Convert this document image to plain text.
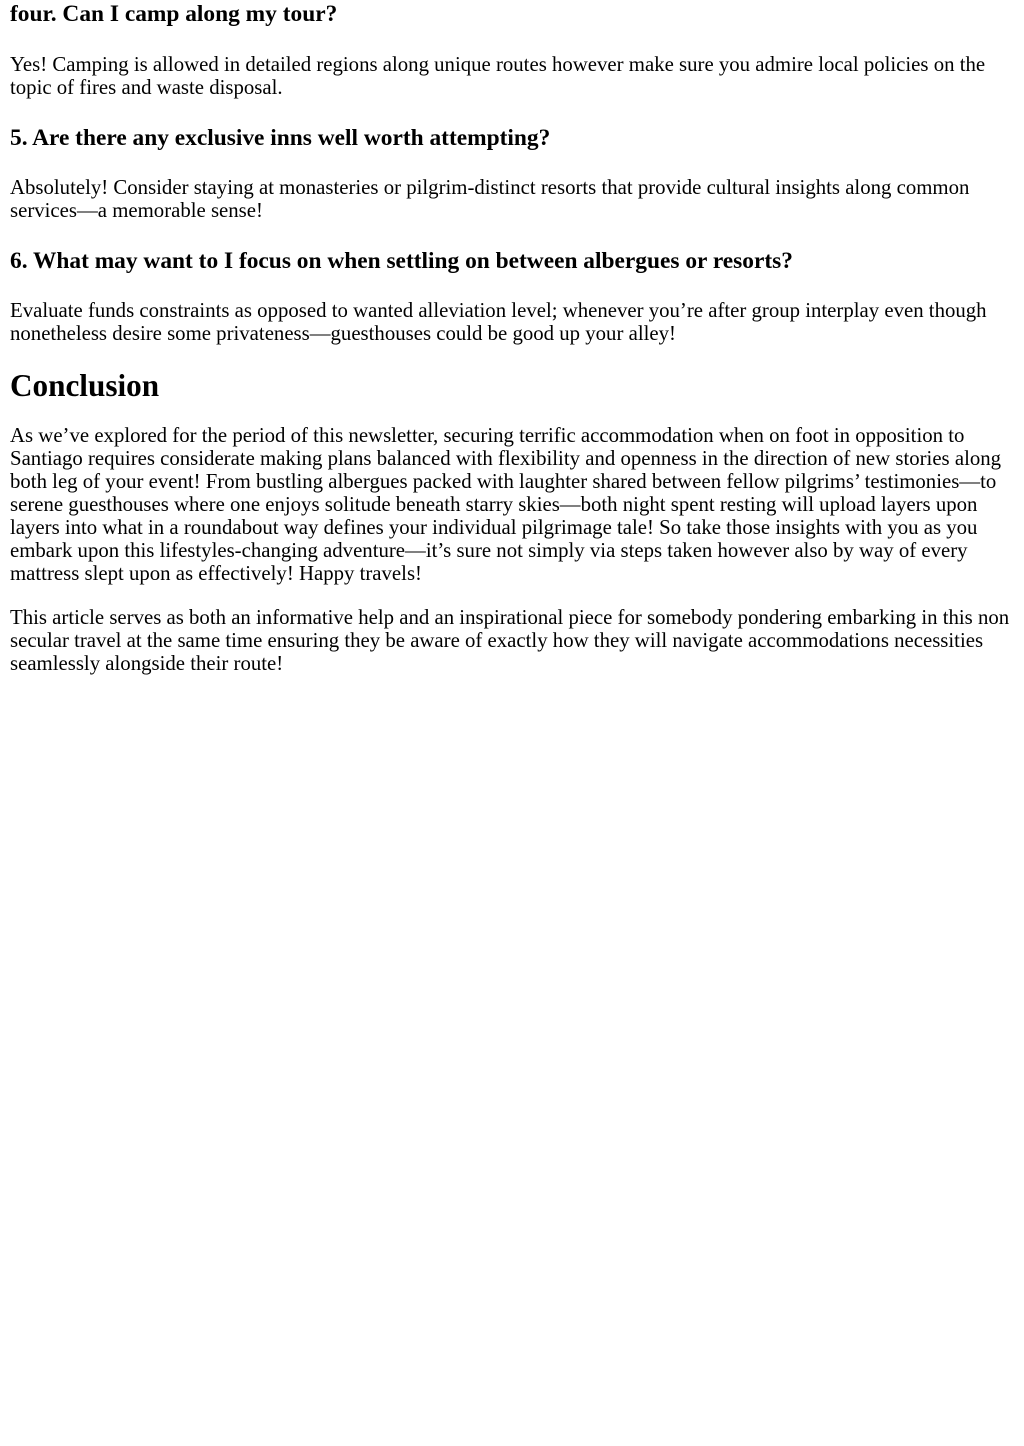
four. Can I camp along my tour?

Yes! Camping is allowed in detailed regions along unique routes however make sure you admire local policies on the topic of fires and waste disposal.

5. Are there any exclusive inns well worth attempting?

Absolutely! Consider staying at monasteries or pilgrim-distinct resorts that provide cultural insights along common services—a memorable sense!

6. What may want to I focus on when settling on between albergues or resorts?

Evaluate funds constraints as opposed to wanted alleviation level; whenever you’re after group interplay even though nonetheless desire some privateness—guesthouses could be good up your alley!

Conclusion

As we’ve explored for the period of this newsletter, securing terrific accommodation when on foot in opposition to Santiago requires considerate making plans balanced with flexibility and openness in the direction of new stories along both leg of your event! From bustling albergues packed with laughter shared between fellow pilgrims’ testimonies—to serene guesthouses where one enjoys solitude beneath starry skies—both night spent resting will upload layers upon layers into what in a roundabout way defines your individual pilgrimage tale! So take those insights with you as you embark upon this lifestyles-changing adventure—it’s sure not simply via steps taken however also by way of every mattress slept upon as effectively! Happy travels!

This article serves as both an informative help and an inspirational piece for somebody pondering embarking in this non secular travel at the same time ensuring they be aware of exactly how they will navigate accommodations necessities seamlessly alongside their route!
